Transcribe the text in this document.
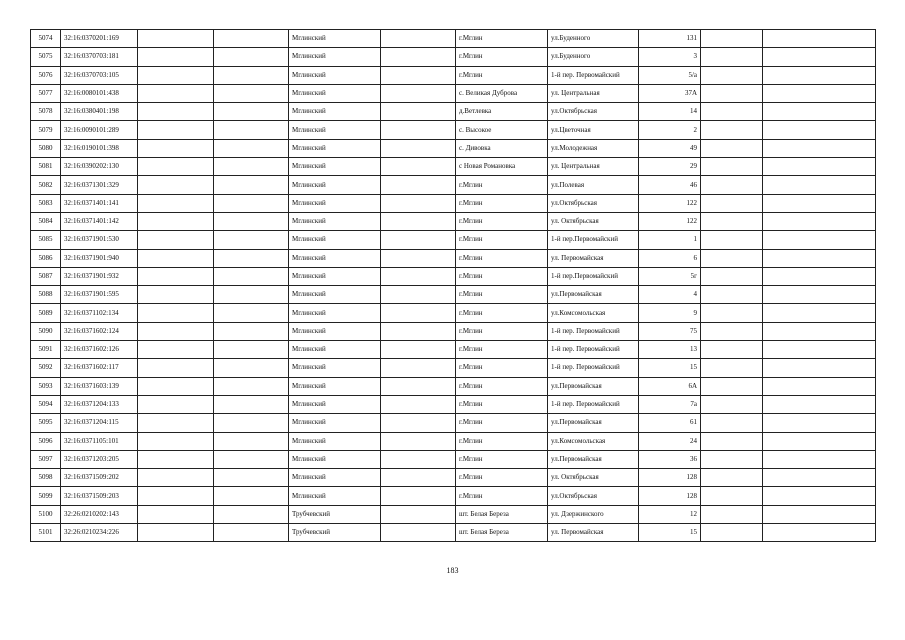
5074	32:16:0370201:169			Мглинский		г.Мглин	ул.Буденного	131		
5075	32:16:0370703:181			Мглинский		г.Мглин	ул.Буденного	3		
5076	32:16:0370703:105			Мглинский		г.Мглин	1-й пер. Первомайский	5/а		
5077	32:16:0080101:438			Мглинский		с. Великая Дуброва	ул. Центральная	37А		
5078	32:16:0380401:198			Мглинский		д.Ветлевка	ул.Октябрьская	14		
5079	32:16:0090101:289			Мглинский		с. Высокое	ул.Цветочная	2		
5080	32:16:0190101:398			Мглинский		с. Дивовка	ул.Молодежная	49		
5081	32:16:0390202:130			Мглинский		с Новая Романовка	ул. Центральная	29		
5082	32:16:0371301:329			Мглинский		г.Мглин	ул.Полевая	46		
5083	32:16:0371401:141			Мглинский		г.Мглин	ул.Октябрьская	122		
5084	32:16:0371401:142			Мглинский		г.Мглин	ул. Октябрьская	122		
5085	32:16:0371901:530			Мглинский		г.Мглин	1-й пер.Первомайский	1		
5086	32:16:0371901:940			Мглинский		г.Мглин	ул. Первомайская	6		
5087	32:16:0371901:932			Мглинский		г.Мглин	1-й пер.Первомайский	5г		
5088	32:16:0371901:595			Мглинский		г.Мглин	ул.Первомайская	4		
5089	32:16:0371102:134			Мглинский		г.Мглин	ул.Комсомольская	9		
5090	32:16:0371602:124			Мглинский		г.Мглин	1-й пер. Первомайский	75		
5091	32:16:0371602:126			Мглинский		г.Мглин	1-й пер. Первомайский	13		
5092	32:16:0371602:117			Мглинский		г.Мглин	1-й пер. Первомайский	15		
5093	32:16:0371603:139			Мглинский		г.Мглин	ул.Первомайская	6А		
5094	32:16:0371204:133			Мглинский		г.Мглин	1-й пер. Первомайский	7а		
5095	32:16:0371204:115			Мглинский		г.Мглин	ул.Первомайская	61		
5096	32:16:0371105:101			Мглинский		г.Мглин	ул.Комсомольская	24		
5097	32:16:0371203:205			Мглинский		г.Мглин	ул.Первомайская	36		
5098	32:16:0371509:202			Мглинский		г.Мглин	ул. Октябрьская	128		
5099	32:16:0371509:203			Мглинский		г.Мглин	ул.Октябрьская	128		
5100	32:26:0210202:143			Трубчевский		шт. Белая Береза	ул. Дзержинского	12		
5101	32:26:0210234:226			Трубчевский		шт. Белая Береза	ул. Первомайская	15		
183
